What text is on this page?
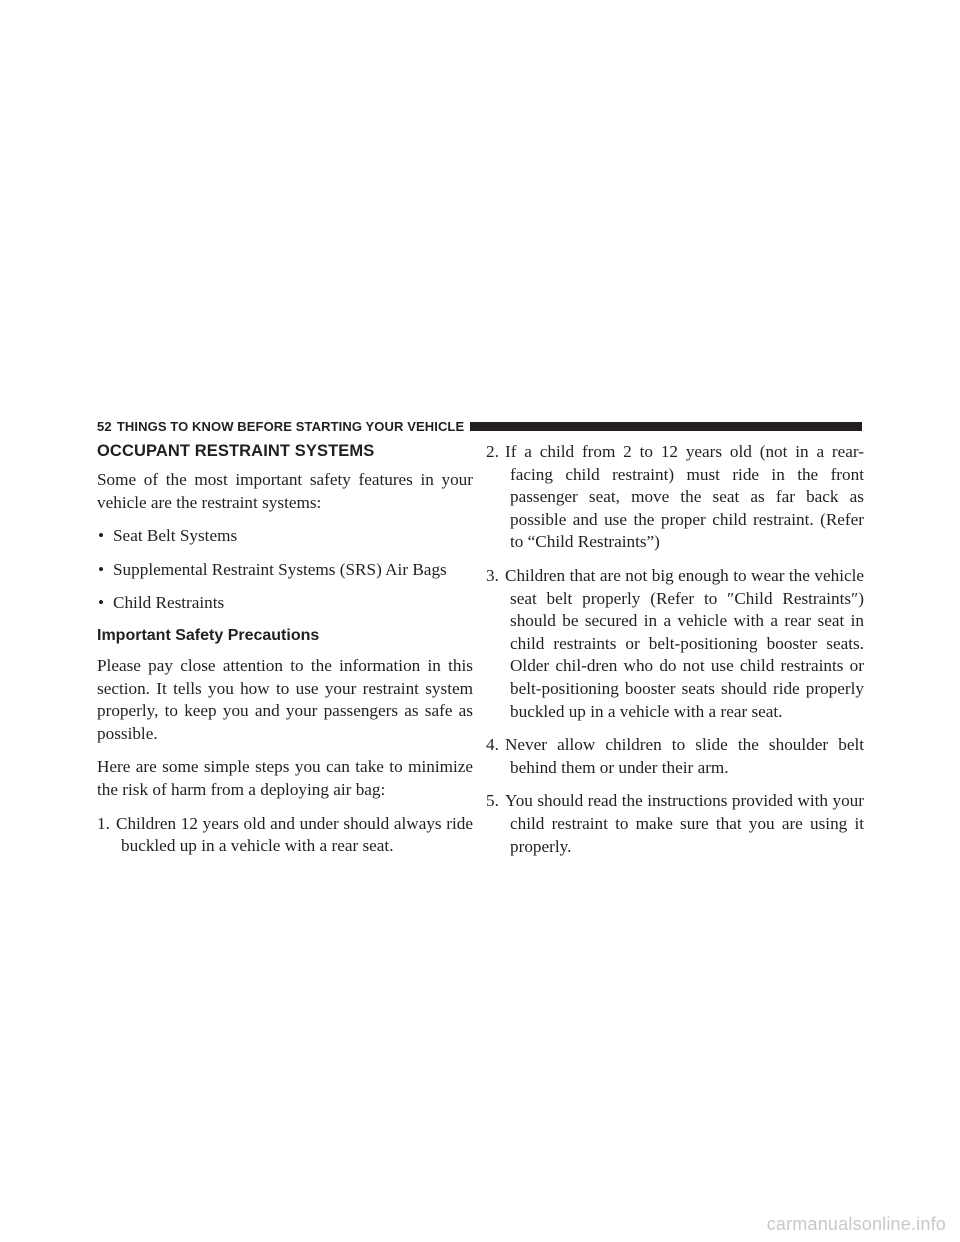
52 THINGS TO KNOW BEFORE STARTING YOUR VEHICLE
OCCUPANT RESTRAINT SYSTEMS

Some of the most important safety features in your vehicle are the restraint systems:

• Seat Belt Systems
• Supplemental Restraint Systems (SRS) Air Bags
• Child Restraints
Important Safety Precautions

Please pay close attention to the information in this section. It tells you how to use your restraint system properly, to keep you and your passengers as safe as possible.

Here are some simple steps you can take to minimize the risk of harm from a deploying air bag:

1. Children 12 years old and under should always ride buckled up in a vehicle with a rear seat.
2. If a child from 2 to 12 years old (not in a rear-facing child restraint) must ride in the front passenger seat, move the seat as far back as possible and use the proper child restraint. (Refer to “Child Restraints”)
3. Children that are not big enough to wear the vehicle seat belt properly (Refer to ″Child Restraints″) should be secured in a vehicle with a rear seat in child restraints or belt-positioning booster seats. Older chil-dren who do not use child restraints or belt-positioning booster seats should ride properly buckled up in a vehicle with a rear seat.
4. Never allow children to slide the shoulder belt behind them or under their arm.
5. You should read the instructions provided with your child restraint to make sure that you are using it properly.
carmanualsonline.info
